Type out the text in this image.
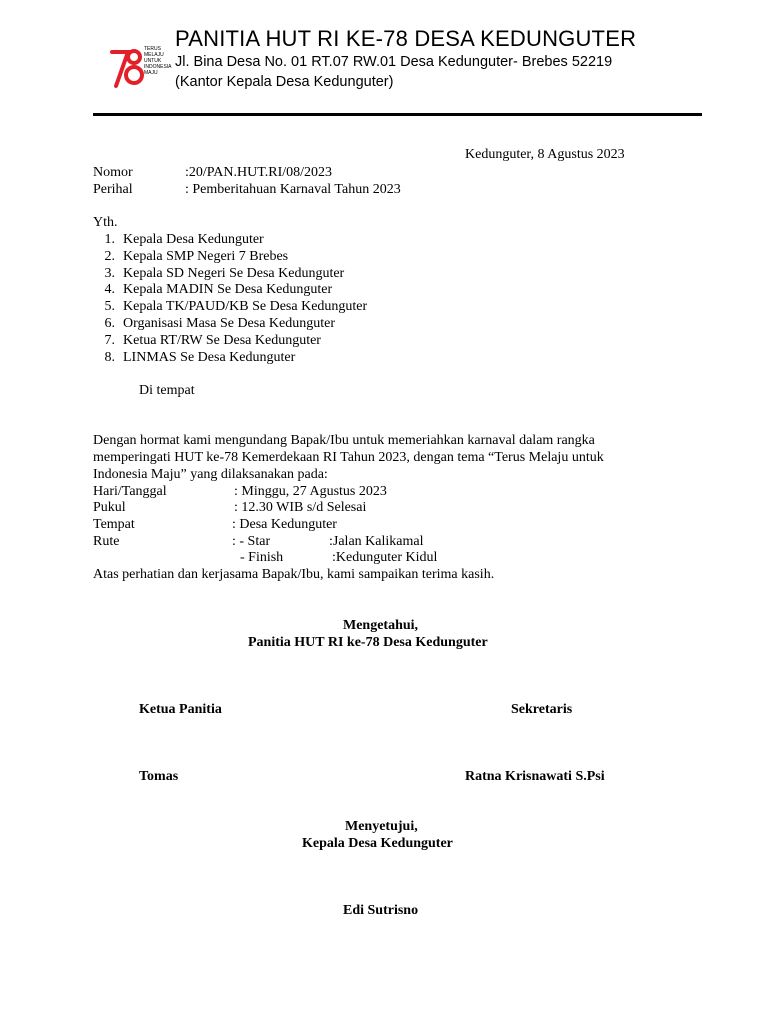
TERUS
MELAJU
UNTUK
INDONESIA
MAJU
PANITIA HUT RI KE-78 DESA KEDUNGUTER
Jl. Bina Desa No. 01 RT.07 RW.01 Desa Kedunguter- Brebes 52219
(Kantor Kepala Desa Kedunguter)
Kedunguter, 8 Agustus 2023
Nomor	:20/PAN.HUT.RI/08/2023
Perihal	: Pemberitahuan Karnaval Tahun 2023
Yth.
1. Kepala Desa Kedunguter
2. Kepala SMP Negeri 7 Brebes
3. Kepala SD Negeri Se Desa Kedunguter
4. Kepala MADIN Se Desa Kedunguter
5. Kepala TK/PAUD/KB Se Desa Kedunguter
6. Organisasi Masa Se Desa Kedunguter
7. Ketua RT/RW Se Desa Kedunguter
8. LINMAS Se Desa Kedunguter
Di tempat
Dengan hormat kami mengundang Bapak/Ibu untuk memeriahkan karnaval dalam rangka
memperingati HUT ke-78 Kemerdekaan RI Tahun 2023, dengan tema “Terus Melaju untuk
Indonesia Maju” yang dilaksanakan pada:
Hari/Tanggal	: Minggu, 27 Agustus 2023
Pukul	: 12.30 WIB s/d Selesai
Tempat	: Desa Kedunguter
Rute	: - Star	:Jalan Kalikamal
- Finish	:Kedunguter Kidul
Atas perhatian dan kerjasama Bapak/Ibu, kami sampaikan terima kasih.
Mengetahui,
Panitia HUT RI ke-78 Desa Kedunguter
Ketua Panitia	Sekretaris
Tomas	Ratna Krisnawati S.Psi
Menyetujui,
Kepala Desa Kedunguter
Edi Sutrisno
